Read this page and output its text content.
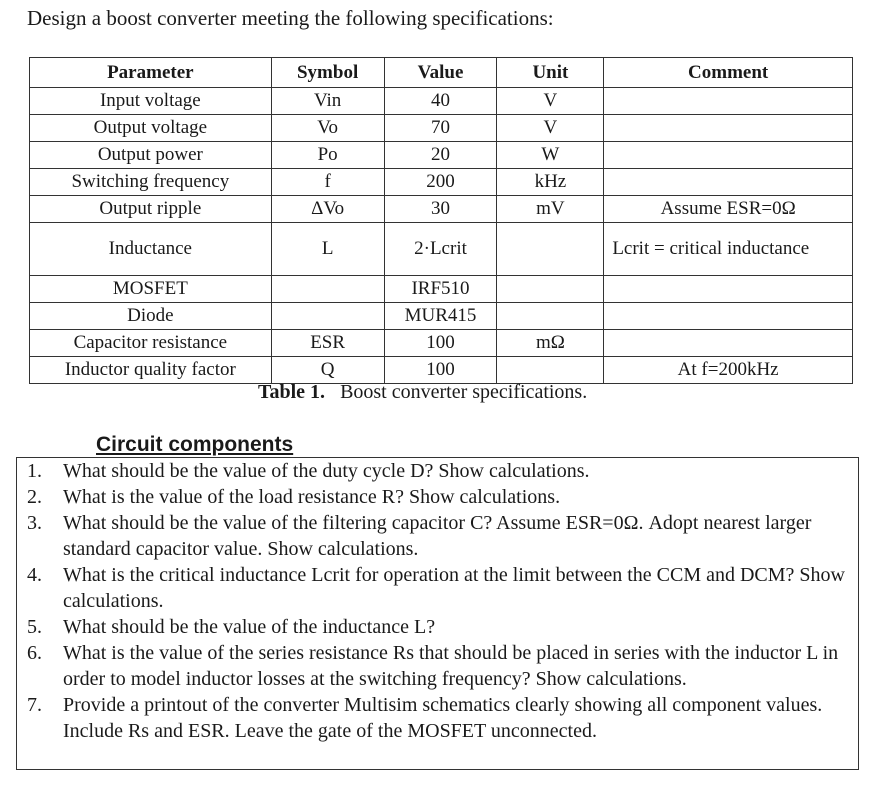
Design a boost converter meeting the following specifications:
Parameter	Symbol	Value	Unit	Comment
Input voltage	Vin	40	V	
Output voltage	Vo	70	V	
Output power	Po	20	W	
Switching frequency	f	200	kHz	
Output ripple	ΔVo	30	mV	Assume ESR=0Ω
Inductance	L	2·Lcrit		Lcrit = critical inductance
MOSFET		IRF510		
Diode		MUR415		
Capacitor resistance	ESR	100	mΩ	
Inductor quality factor	Q	100		At f=200kHz
Table 1. Boost converter specifications.
Circuit components
1. What should be the value of the duty cycle D? Show calculations.
2. What is the value of the load resistance R? Show calculations.
3. What should be the value of the filtering capacitor C? Assume ESR=0Ω. Adopt nearest larger standard capacitor value. Show calculations.
4. What is the critical inductance Lcrit for operation at the limit between the CCM and DCM? Show calculations.
5. What should be the value of the inductance L?
6. What is the value of the series resistance Rs that should be placed in series with the inductor L in order to model inductor losses at the switching frequency? Show calculations.
7. Provide a printout of the converter Multisim schematics clearly showing all component values. Include Rs and ESR. Leave the gate of the MOSFET unconnected.
